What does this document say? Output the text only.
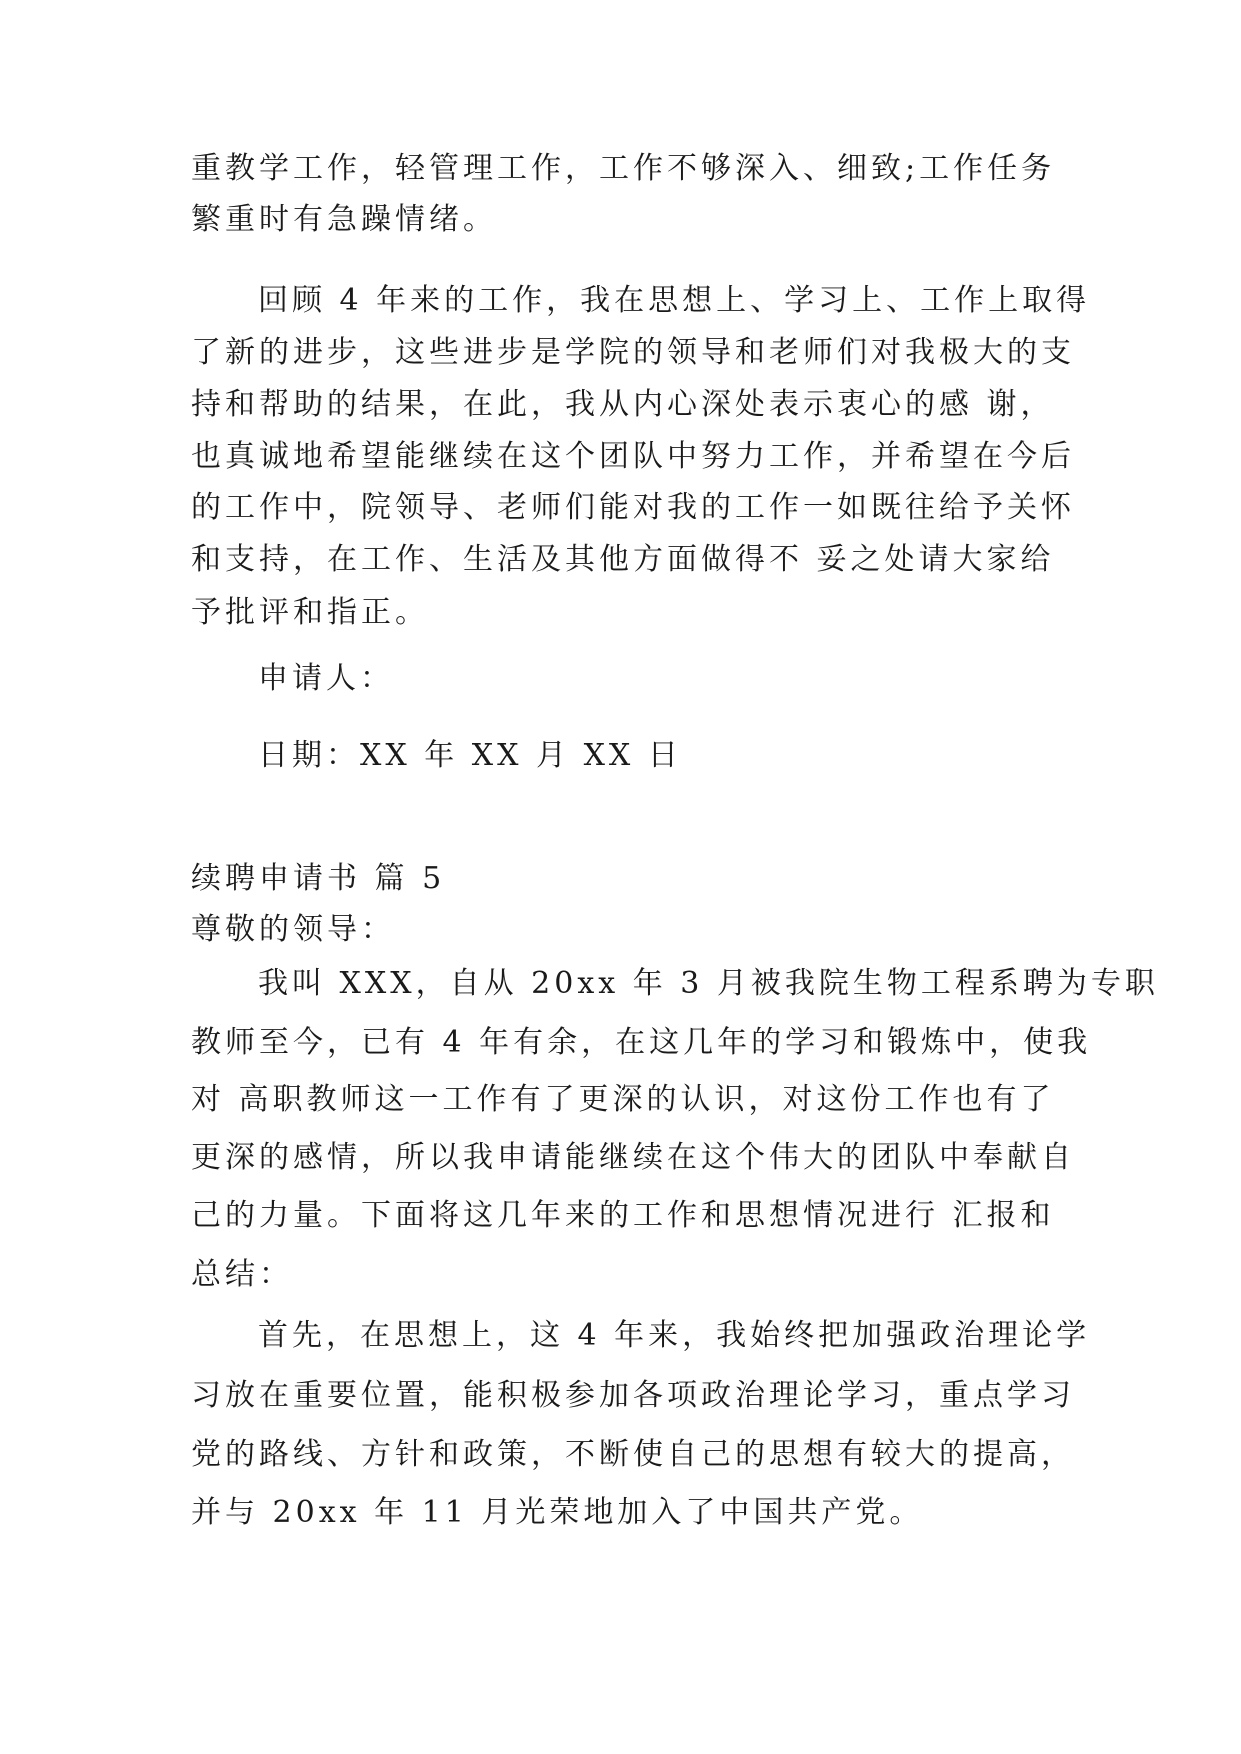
重教学工作，轻管理工作，工作不够深入、细致;工作任务
繁重时有急躁情绪。
回顾 4 年来的工作，我在思想上、学习上、工作上取得
了新的进步，这些进步是学院的领导和老师们对我极大的支
持和帮助的结果，在此，我从内心深处表示衷心的感 谢，
也真诚地希望能继续在这个团队中努力工作，并希望在今后
的工作中，院领导、老师们能对我的工作一如既往给予关怀
和支持，在工作、生活及其他方面做得不 妥之处请大家给
予批评和指正。
申请人：
日期：XX 年 XX 月 XX 日
续聘申请书 篇 5
尊敬的领导：
我叫 XXX，自从 20xx 年 3 月被我院生物工程系聘为专职
教师至今，已有 4 年有余，在这几年的学习和锻炼中，使我
对 高职教师这一工作有了更深的认识，对这份工作也有了
更深的感情，所以我申请能继续在这个伟大的团队中奉献自
己的力量。下面将这几年来的工作和思想情况进行 汇报和
总结：
首先，在思想上，这 4 年来，我始终把加强政治理论学
习放在重要位置，能积极参加各项政治理论学习，重点学习
党的路线、方针和政策，不断使自己的思想有较大的提高，
并与 20xx 年 11 月光荣地加入了中国共产党。
